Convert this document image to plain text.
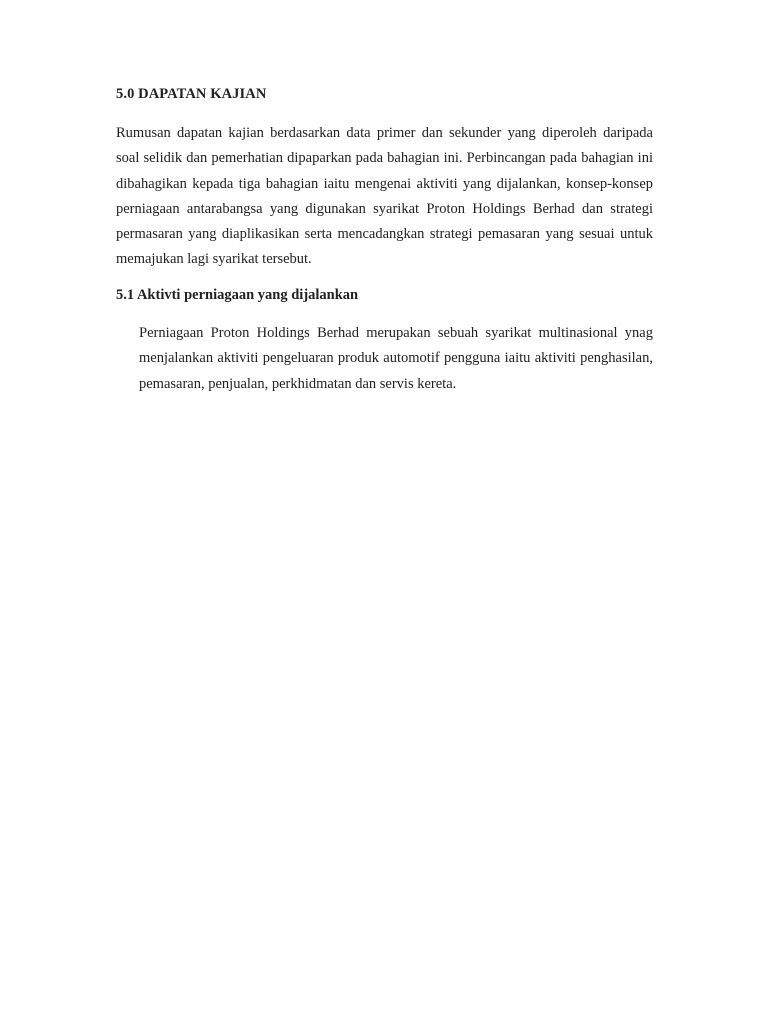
5.0 DAPATAN KAJIAN

Rumusan dapatan kajian berdasarkan data primer dan sekunder yang diperoleh daripada soal selidik dan pemerhatian dipaparkan pada bahagian ini. Perbincangan pada bahagian ini dibahagikan kepada tiga bahagian iaitu mengenai aktiviti yang dijalankan, konsep-konsep perniagaan antarabangsa yang digunakan syarikat Proton Holdings Berhad dan strategi permasaran yang diaplikasikan serta mencadangkan strategi pemasaran yang sesuai untuk memajukan lagi syarikat tersebut.

5.1 Aktivti perniagaan yang dijalankan

Perniagaan Proton Holdings Berhad merupakan sebuah syarikat multinasional ynag menjalankan aktiviti pengeluaran produk automotif pengguna iaitu aktiviti penghasilan, pemasaran, penjualan, perkhidmatan dan servis kereta.
